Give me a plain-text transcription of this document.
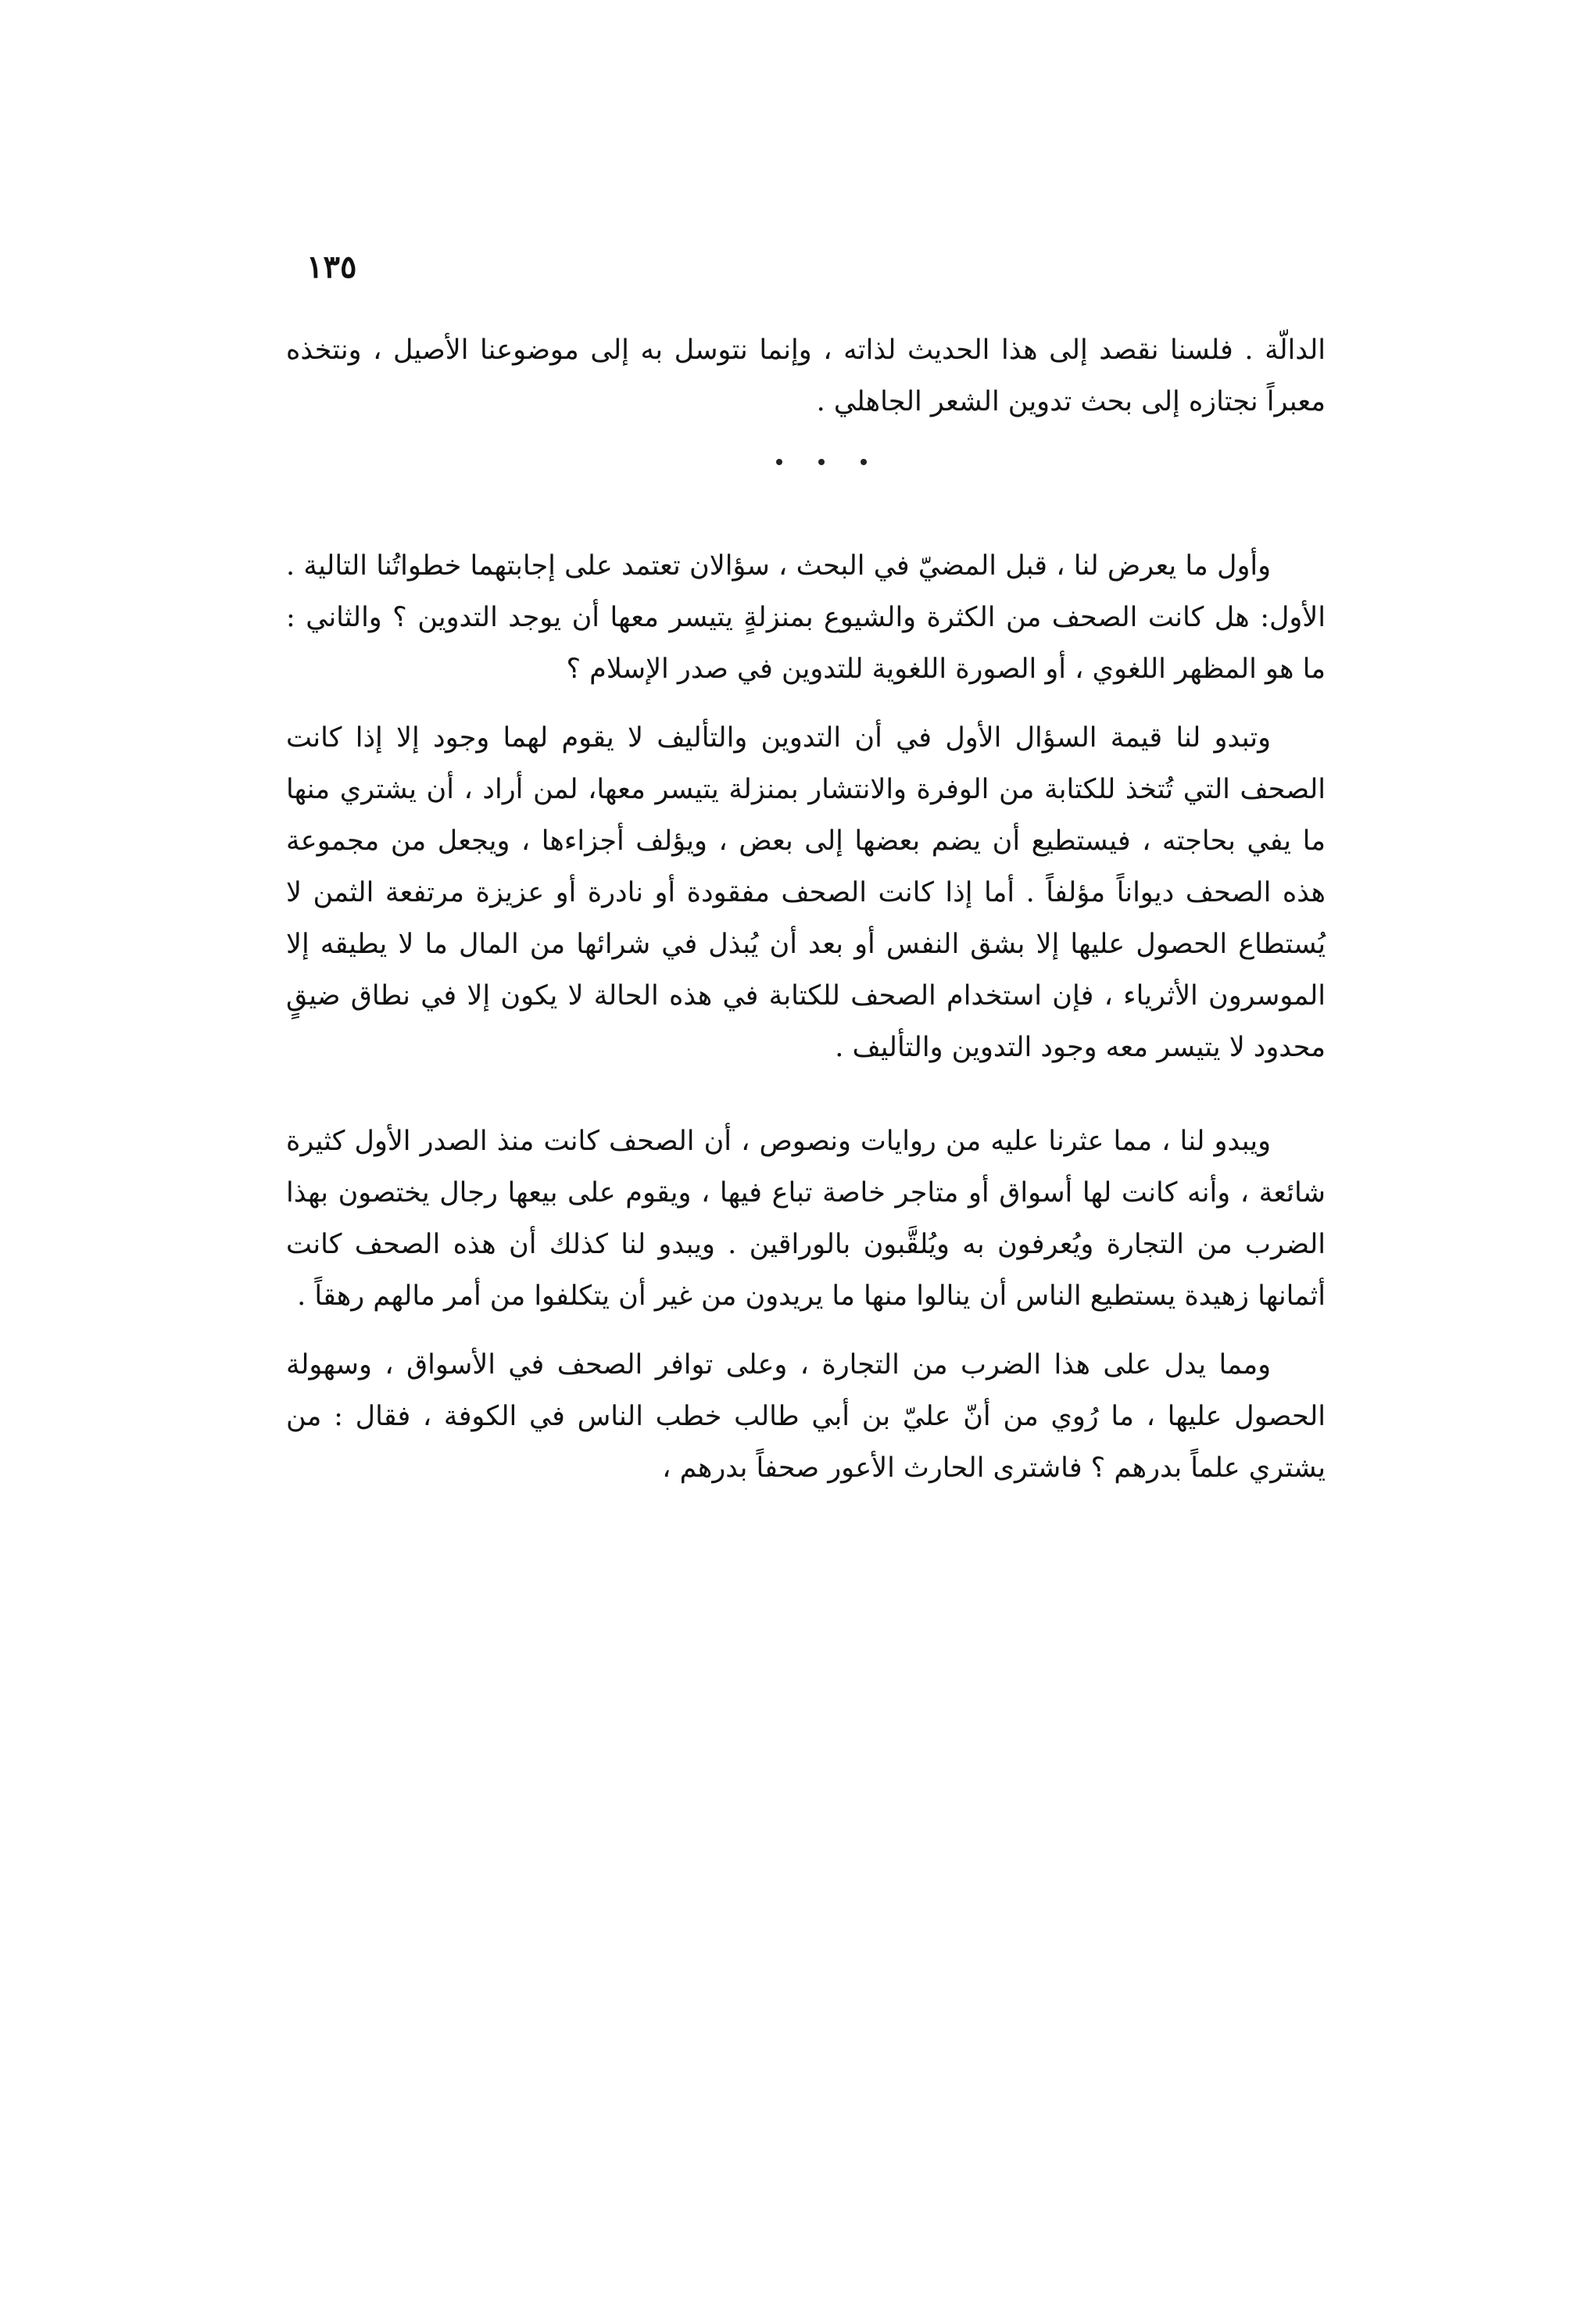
١٣٥

الدالّة . فلسنا نقصد إلى هذا الحديث لذاته ، وإنما نتوسل به إلى موضوعنا الأصيل ، ونتخذه معبراً نجتازه إلى بحث تدوين الشعر الجاهلي .

وأول ما يعرض لنا ، قبل المضيّ في البحث ، سؤالان تعتمد على إجابتهما خطواتُنا التالية . الأول: هل كانت الصحف من الكثرة والشيوع بمنزلةٍ يتيسر معها أن يوجد التدوين ؟ والثاني : ما هو المظهر اللغوي ، أو الصورة اللغوية للتدوين في صدر الإسلام ؟

وتبدو لنا قيمة السؤال الأول في أن التدوين والتأليف لا يقوم لهما وجود إلا إذا كانت الصحف التي تُتخذ للكتابة من الوفرة والانتشار بمنزلة يتيسر معها، لمن أراد ، أن يشتري منها ما يفي بحاجته ، فيستطيع أن يضم بعضها إلى بعض ، ويؤلف أجزاءها ، ويجعل من مجموعة هذه الصحف ديواناً مؤلفاً . أما إذا كانت الصحف مفقودة أو نادرة أو عزيزة مرتفعة الثمن لا يُستطاع الحصول عليها إلا بشق النفس أو بعد أن يُبذل في شرائها من المال ما لا يطيقه إلا الموسرون الأثرياء ، فإن استخدام الصحف للكتابة في هذه الحالة لا يكون إلا في نطاق ضيقٍ محدود لا يتيسر معه وجود التدوين والتأليف .

ويبدو لنا ، مما عثرنا عليه من روايات ونصوص ، أن الصحف كانت منذ الصدر الأول كثيرة شائعة ، وأنه كانت لها أسواق أو متاجر خاصة تباع فيها ، ويقوم على بيعها رجال يختصون بهذا الضرب من التجارة ويُعرفون به ويُلقَّبون بالوراقين . ويبدو لنا كذلك أن هذه الصحف كانت أثمانها زهيدة يستطيع الناس أن ينالوا منها ما يريدون من غير أن يتكلفوا من أمر مالهم رهقاً .

ومما يدل على هذا الضرب من التجارة ، وعلى توافر الصحف في الأسواق ، وسهولة الحصول عليها ، ما رُوي من أنّ عليّ بن أبي طالب خطب الناس في الكوفة ، فقال : من يشتري علماً بدرهم ؟ فاشترى الحارث الأعور صحفاً بدرهم ،
